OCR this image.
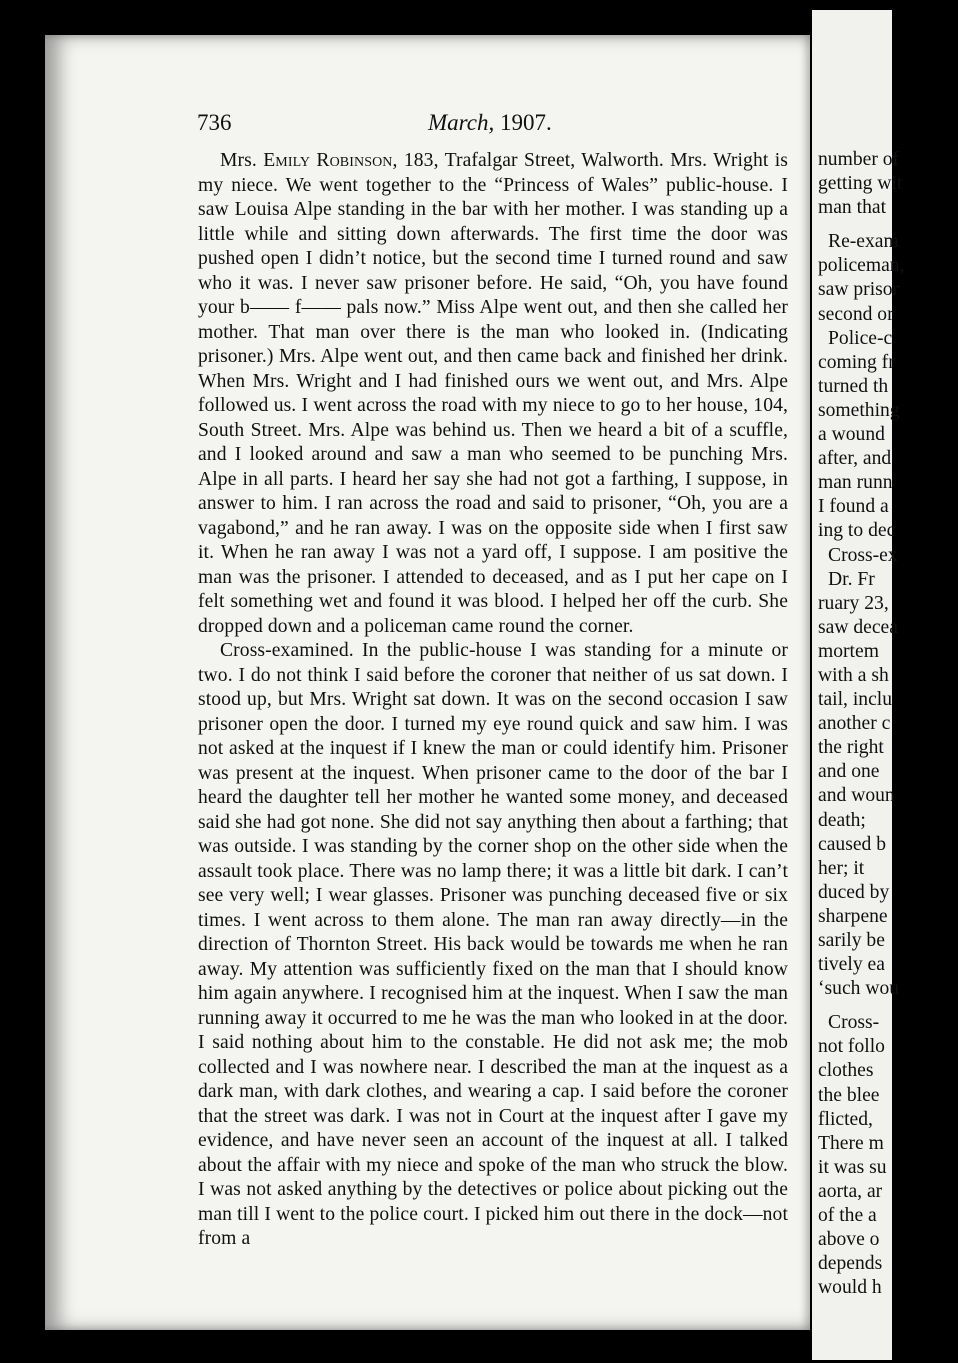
736	March, 1907.

Mrs. Emily Robinson, 183, Trafalgar Street, Walworth. Mrs. Wright is my niece. We went together to the “Princess of Wales” public-house. I saw Louisa Alpe standing in the bar with her mother. I was standing up a little while and sitting down afterwards. The first time the door was pushed open I didn’t notice, but the second time I turned round and saw who it was. I never saw prisoner before. He said, “Oh, you have found your b—— f—— pals now.” Miss Alpe went out, and then she called her mother. That man over there is the man who looked in. (Indicating prisoner.) Mrs. Alpe went out, and then came back and finished her drink. When Mrs. Wright and I had finished ours we went out, and Mrs. Alpe followed us. I went across the road with my niece to go to her house, 104, South Street. Mrs. Alpe was behind us. Then we heard a bit of a scuffle, and I looked around and saw a man who seemed to be punching Mrs. Alpe in all parts. I heard her say she had not got a farthing, I suppose, in answer to him. I ran across the road and said to prisoner, “Oh, you are a vagabond,” and he ran away. I was on the opposite side when I first saw it. When he ran away I was not a yard off, I suppose. I am positive the man was the prisoner. I attended to deceased, and as I put her cape on I felt something wet and found it was blood. I helped her off the curb. She dropped down and a policeman came round the corner.

Cross-examined. In the public-house I was standing for a minute or two. I do not think I said before the coroner that neither of us sat down. I stood up, but Mrs. Wright sat down. It was on the second occasion I saw prisoner open the door. I turned my eye round quick and saw him. I was not asked at the inquest if I knew the man or could identify him. Prisoner was present at the inquest. When prisoner came to the door of the bar I heard the daughter tell her mother he wanted some money, and deceased said she had got none. She did not say anything then about a farthing; that was outside. I was standing by the corner shop on the other side when the assault took place. There was no lamp there; it was a little bit dark. I can’t see very well; I wear glasses. Prisoner was punching deceased five or six times. I went across to them alone. The man ran away directly—in the direction of Thornton Street. His back would be towards me when he ran away. My attention was sufficiently fixed on the man that I should know him again anywhere. I recognised him at the inquest. When I saw the man running away it occurred to me he was the man who looked in at the door. I said nothing about him to the constable. He did not ask me; the mob collected and I was nowhere near. I described the man at the inquest as a dark man, with dark clothes, and wearing a cap. I said before the coroner that the street was dark. I was not in Court at the inquest after I gave my evidence, and have never seen an account of the inquest at all. I talked about the affair with my niece and spoke of the man who struck the blow. I was not asked anything by the detectives or police about picking out the man till I went to the police court. I picked him out there in the dock—not from a

number of
getting wit
man that
Re-exam
policeman,
saw prisor
second or
Police-c
coming fr
turned th
something
a wound
after, and
man runn
I found a
ing to dec
Cross-ex
Dr. Fr
ruary 23,
saw decea
mortem
with a sh
tail, inclu
another c
the right
and one
and woun
death;
caused b
her; it
duced by
sharpene
sarily be
tively ea
‘such wou
Cross-
not follo
clothes
the blee
flicted,
There m
it was su
aorta, ar
of the a
above o
depends
would h
